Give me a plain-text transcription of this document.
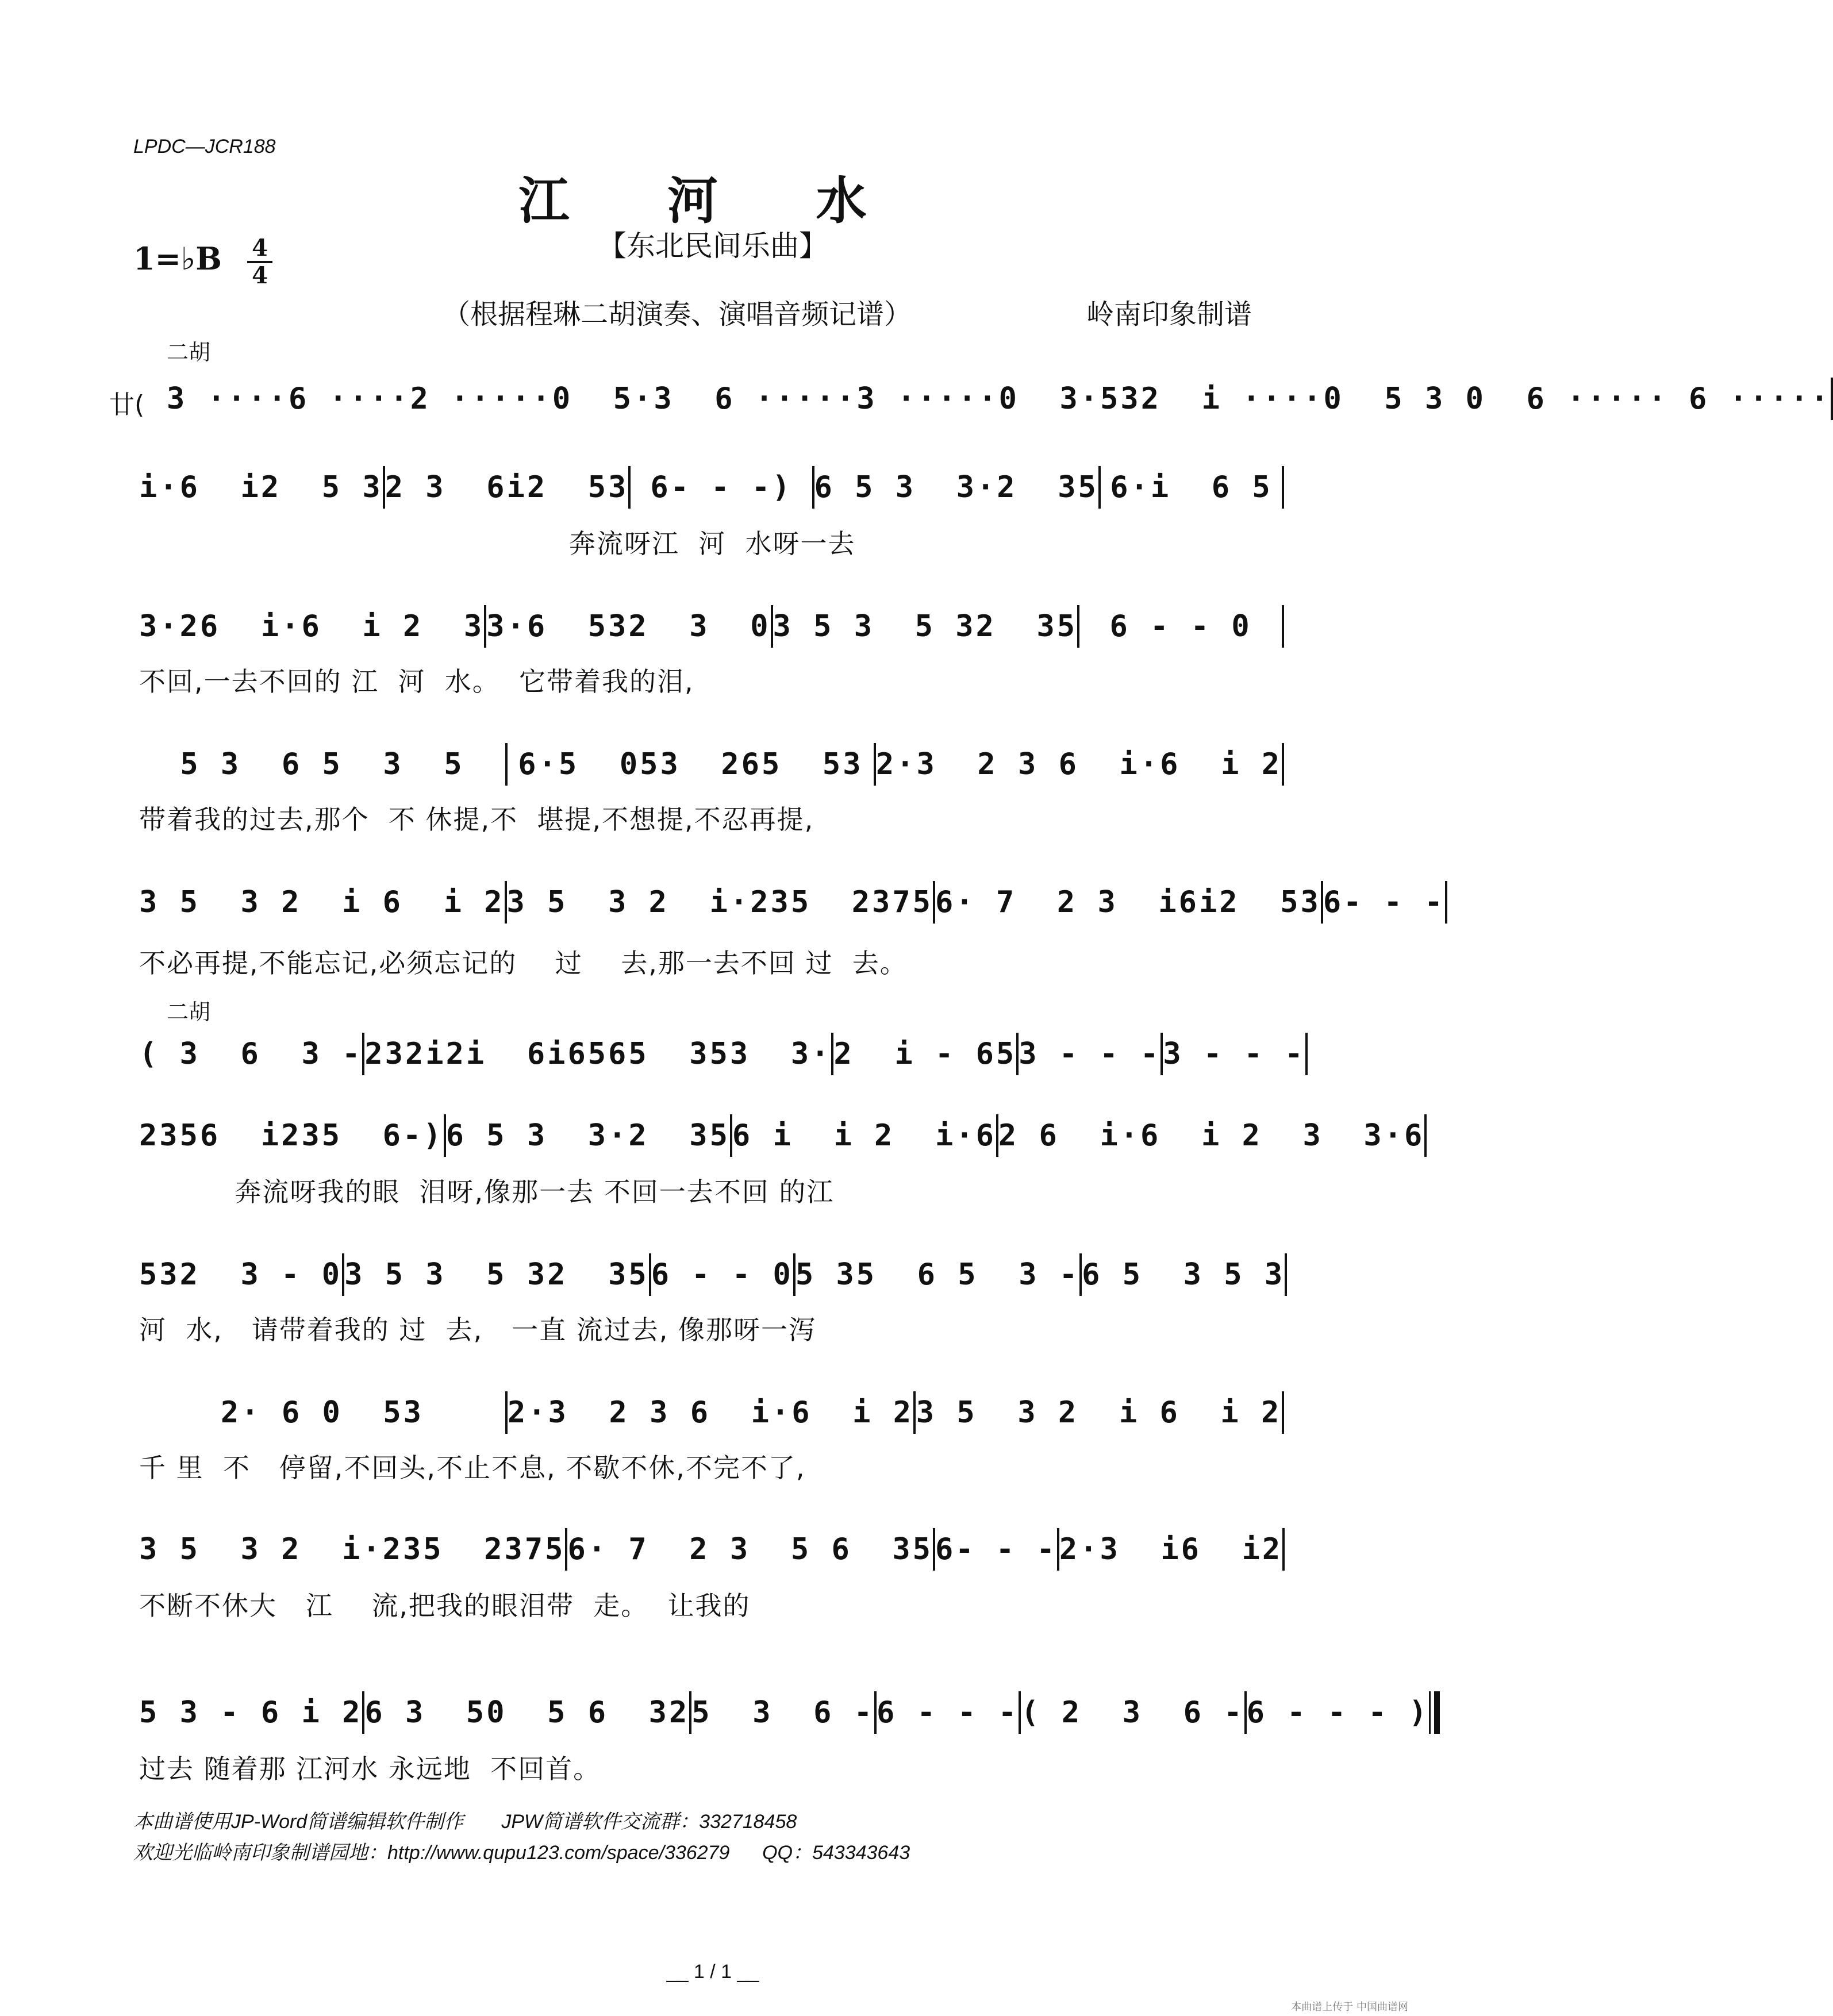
LPDC—JCR188
江 河 水
【东北民间乐曲】
1=♭B 4
4
（根据程琳二胡演奏、演唱音频记谱）	岭南印象制谱
二胡
廿( 3 ····6 ····2 ·····0  5·3  6 ·····3 ·····0  3·532  i ····0  5 3 0  6 ····· 6 ·····
i·6  i2  5 3 2 3  6i2  53 6- - -) 6 5 3  3·2  35 6·i  6 5
奔流呀江  河  水呀一去
3·26  i·6  i 2  3 3·6  532  3  0 3 5 3  5 32  35	6 - - 0
不回,一去不回的 江  河  水。  它带着我的泪,
5 3  6 5  3  5	6·5  053  265  53 2·3  2 3 6  i·6  i 2
带着我的过去,那个  不 休提,不  堪提,不想提,不忍再提,
3 5  3 2  i 6  i 2 3 5  3 2  i·235  2375 6· 7  2 3  i6i2  53 6- - -
不必再提,不能忘记,必须忘记的    过    去,那一去不回 过  去。
二胡
( 3  6  3 - 232i2i  6i6565  353  3· 2  i - 65 3 - - - 3 - - -
2356  i235  6-) 6 5 3  3·2  35 6 i  i 2  i·6 2 6  i·6  i 2  3  3·6
奔流呀我的眼  泪呀,像那一去 不回一去不回 的江
532  3 - 0 3 5 3  5 32  35 6 - - 0 5 35  6 5  3 - 6 5  3 5 3
河  水,   请带着我的 过  去,   一直 流过去, 像那呀一泻
2· 6 0  53	2·3  2 3 6  i·6  i 2 3 5  3 2  i 6  i 2
千 里  不   停留,不回头,不止不息, 不歇不休,不完不了,
3 5  3 2  i·235  2375 6· 7  2 3  5 6  35 6- - - 2·3  i6  i2
不断不休大   江    流,把我的眼泪带  走。  让我的
5 3 - 6 i 2 6 3  50  5 6  32 5  3  6 - 6 - - - ( 2  3  6 - 6 - - - )
过去 随着那 江河水 永远地  不回首。
本曲谱使用JP-Word简谱编辑软件制作       JPW简谱软件交流群：332718458
欢迎光临岭南印象制谱园地：http://www.qupu123.com/space/336279      QQ：543343643
__ 1 / 1 __
本曲谱上传于 中国曲谱网
